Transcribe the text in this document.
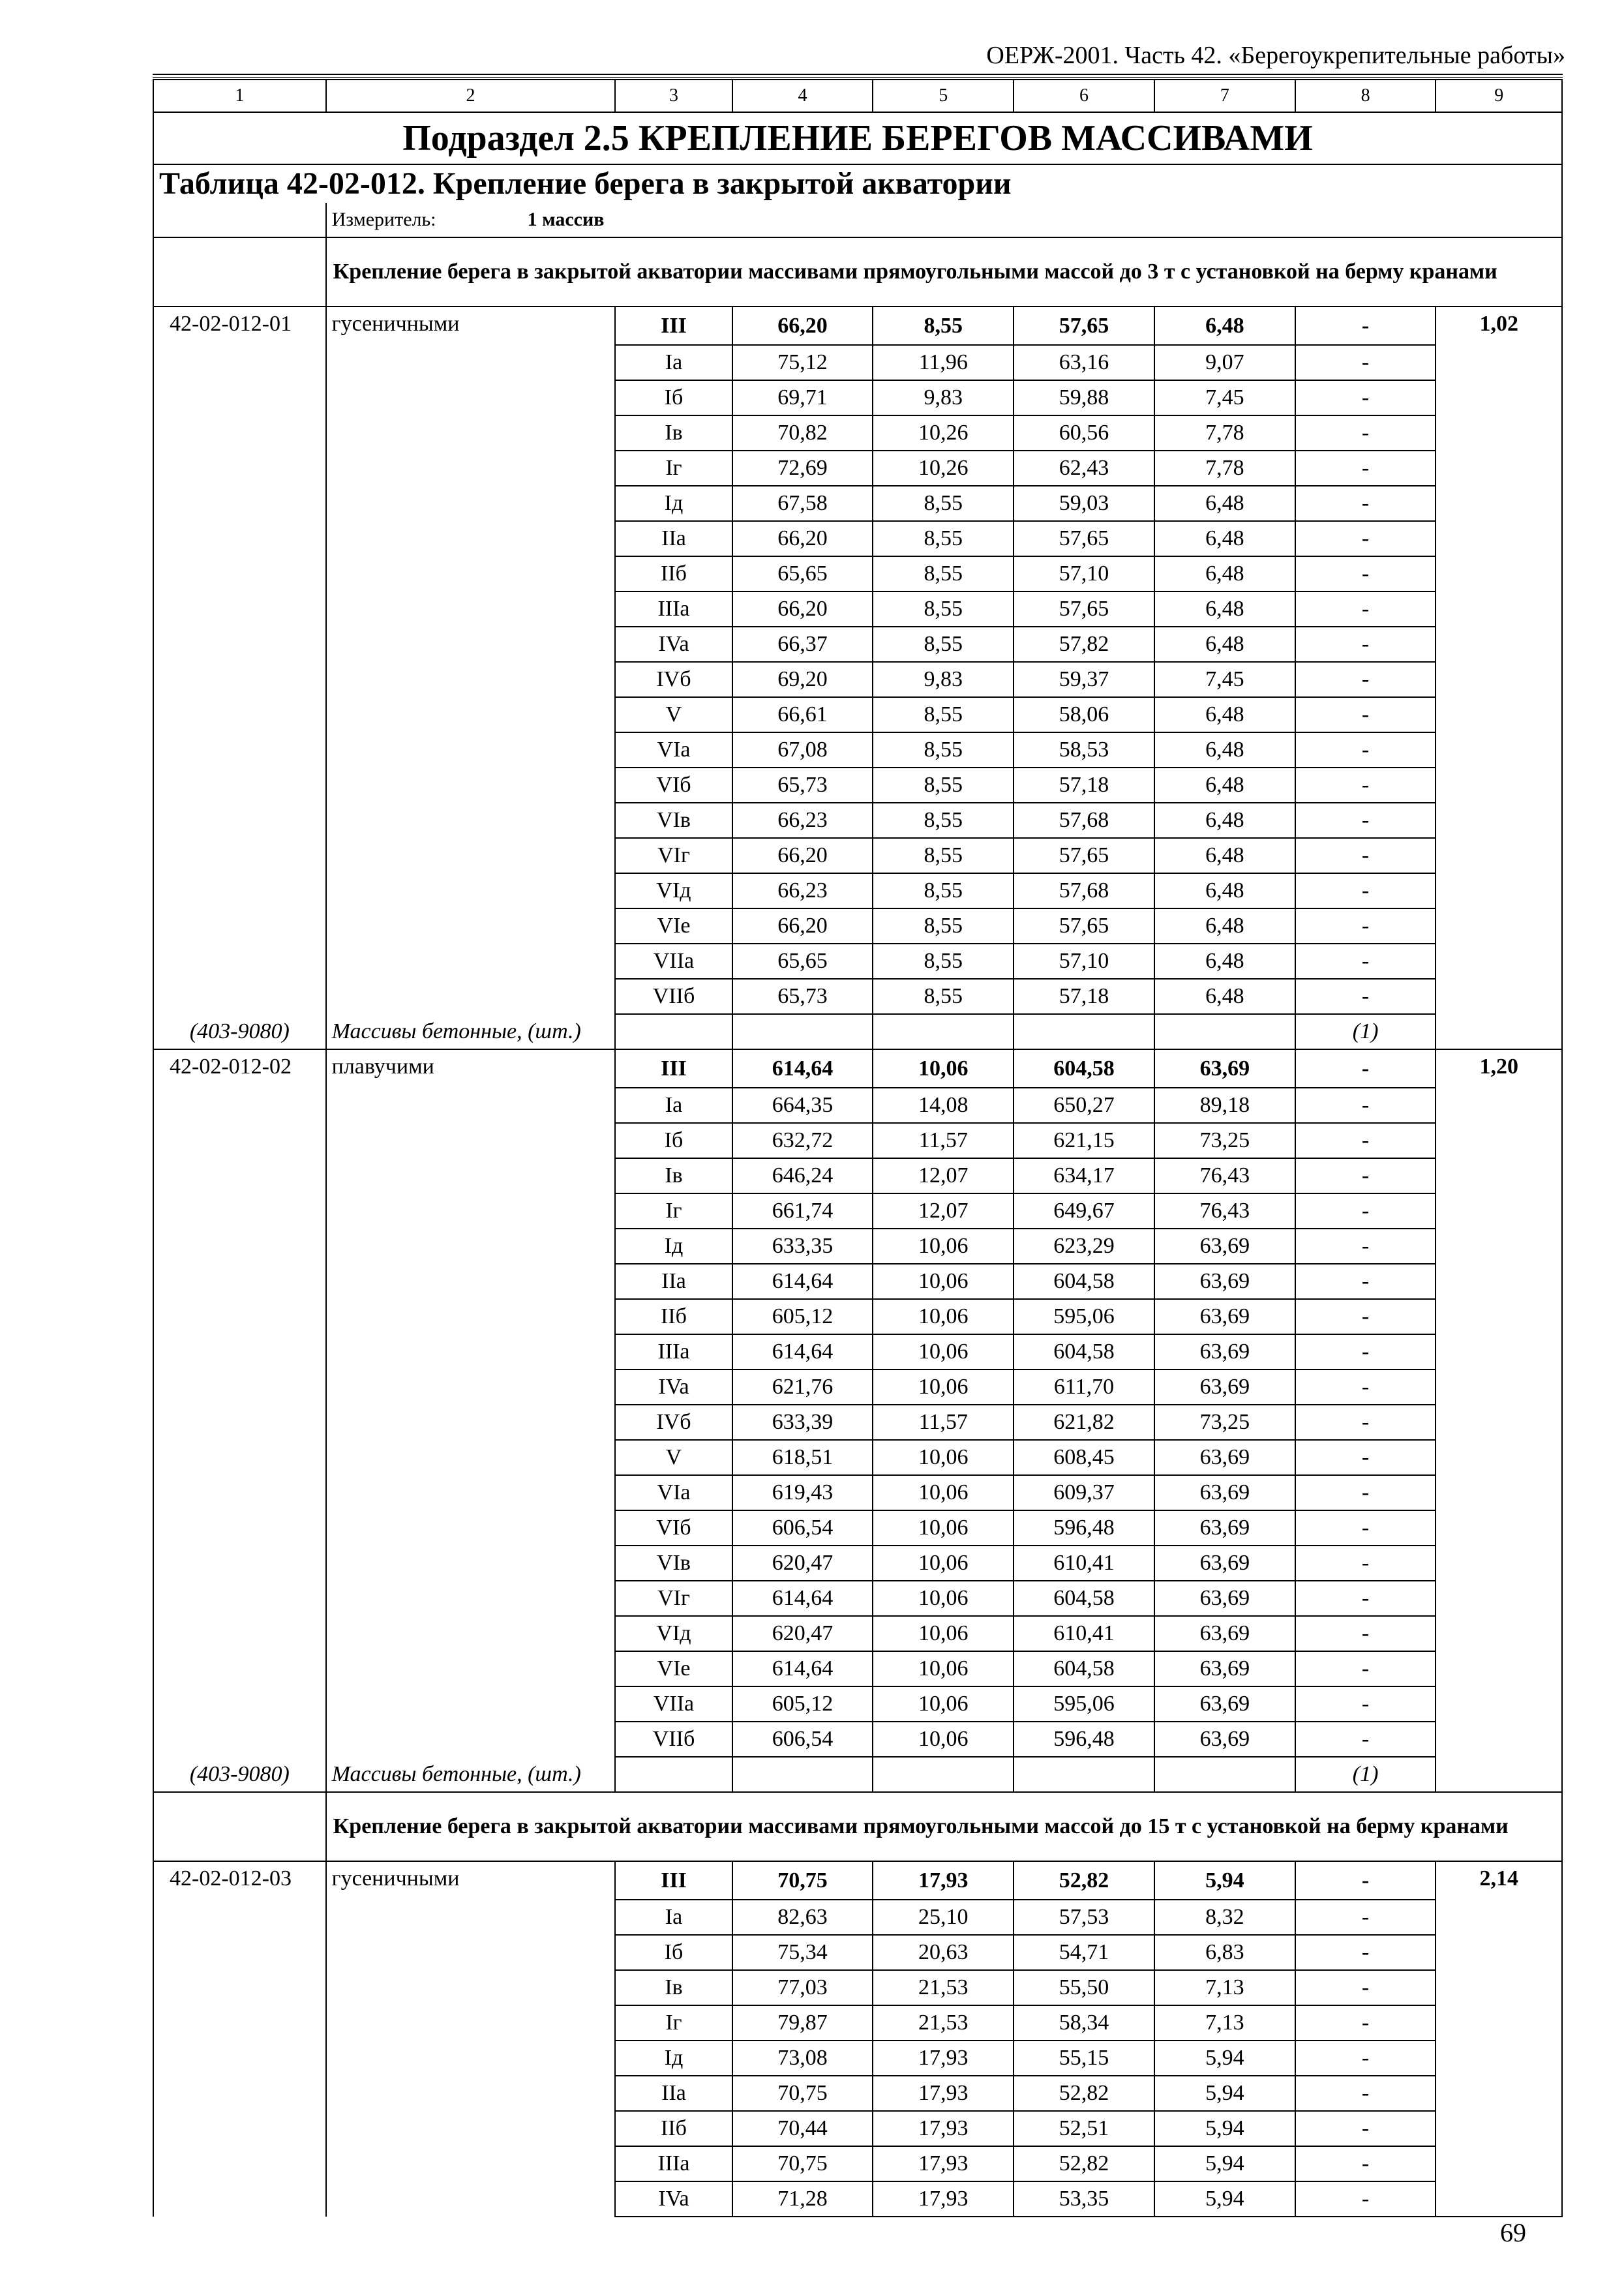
ОЕРЖ-2001. Часть 42. «Берегоукрепительные работы»
1	2	3	4	5	6	7	8	9
Подраздел 2.5 КРЕПЛЕНИЕ БЕРЕГОВ МАССИВАМИ								
Таблица 42-02-012. Крепление берега в закрытой акватории								
	Измеритель: 1 массив							
	Крепление берега в закрытой акватории массивами прямоугольными массой до 3 т с установкой на берму кранами							
42-02-012-01	гусеничными	III	66,20	8,55	57,65	6,48	-	1,02
		Ia	75,12	11,96	63,16	9,07	-	
		Iб	69,71	9,83	59,88	7,45	-	
		Iв	70,82	10,26	60,56	7,78	-	
		Iг	72,69	10,26	62,43	7,78	-	
		Iд	67,58	8,55	59,03	6,48	-	
		IIa	66,20	8,55	57,65	6,48	-	
		IIб	65,65	8,55	57,10	6,48	-	
		IIIa	66,20	8,55	57,65	6,48	-	
		IVa	66,37	8,55	57,82	6,48	-	
		IVб	69,20	9,83	59,37	7,45	-	
		V	66,61	8,55	58,06	6,48	-	
		VIa	67,08	8,55	58,53	6,48	-	
		VIб	65,73	8,55	57,18	6,48	-	
		VIв	66,23	8,55	57,68	6,48	-	
		VIг	66,20	8,55	57,65	6,48	-	
		VIд	66,23	8,55	57,68	6,48	-	
		VIe	66,20	8,55	57,65	6,48	-	
		VIIa	65,65	8,55	57,10	6,48	-	
		VIIб	65,73	8,55	57,18	6,48	-	
(403-9080)	Массивы бетонные, (шт.)						(1)	
42-02-012-02	плавучими	III	614,64	10,06	604,58	63,69	-	1,20
		Ia	664,35	14,08	650,27	89,18	-	
		Iб	632,72	11,57	621,15	73,25	-	
		Iв	646,24	12,07	634,17	76,43	-	
		Iг	661,74	12,07	649,67	76,43	-	
		Iд	633,35	10,06	623,29	63,69	-	
		IIa	614,64	10,06	604,58	63,69	-	
		IIб	605,12	10,06	595,06	63,69	-	
		IIIa	614,64	10,06	604,58	63,69	-	
		IVa	621,76	10,06	611,70	63,69	-	
		IVб	633,39	11,57	621,82	73,25	-	
		V	618,51	10,06	608,45	63,69	-	
		VIa	619,43	10,06	609,37	63,69	-	
		VIб	606,54	10,06	596,48	63,69	-	
		VIв	620,47	10,06	610,41	63,69	-	
		VIг	614,64	10,06	604,58	63,69	-	
		VIд	620,47	10,06	610,41	63,69	-	
		VIe	614,64	10,06	604,58	63,69	-	
		VIIa	605,12	10,06	595,06	63,69	-	
		VIIб	606,54	10,06	596,48	63,69	-	
(403-9080)	Массивы бетонные, (шт.)						(1)	
	Крепление берега в закрытой акватории массивами прямоугольными массой до 15 т с установкой на берму кранами							
42-02-012-03	гусеничными	III	70,75	17,93	52,82	5,94	-	2,14
		Ia	82,63	25,10	57,53	8,32	-	
		Iб	75,34	20,63	54,71	6,83	-	
		Iв	77,03	21,53	55,50	7,13	-	
		Iг	79,87	21,53	58,34	7,13	-	
		Iд	73,08	17,93	55,15	5,94	-	
		IIa	70,75	17,93	52,82	5,94	-	
		IIб	70,44	17,93	52,51	5,94	-	
		IIIa	70,75	17,93	52,82	5,94	-	
		IVa	71,28	17,93	53,35	5,94	-	
69
